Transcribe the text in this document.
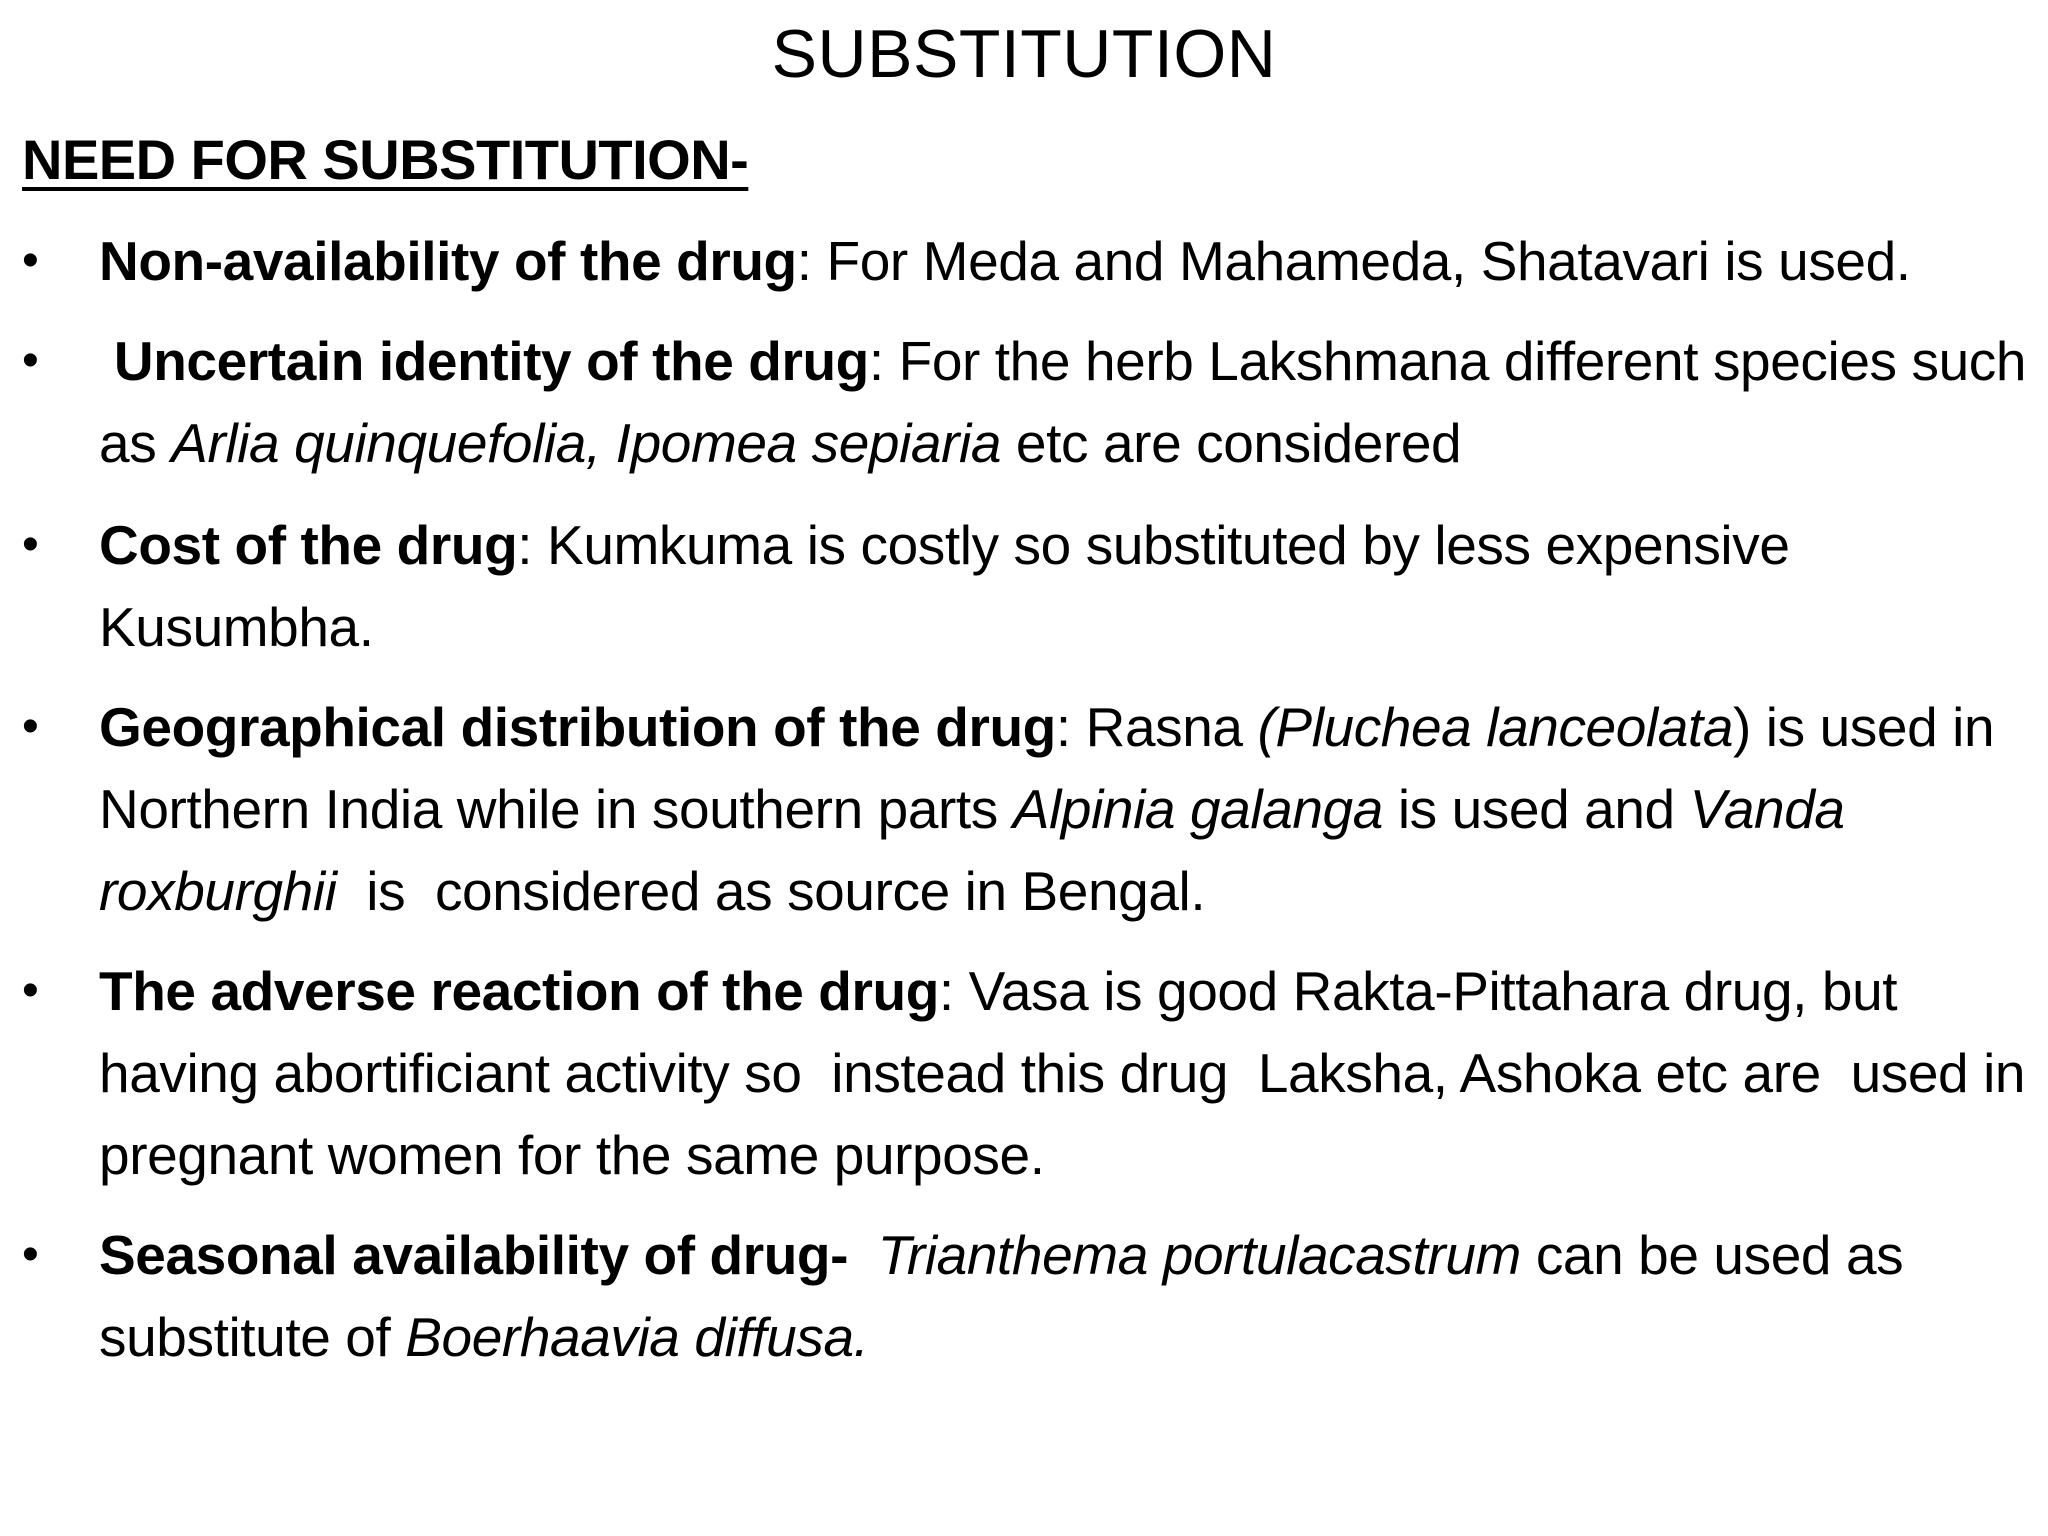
SUBSTITUTION
NEED FOR SUBSTITUTION-
• Non-availability of the drug: For Meda and Mahameda, Shatavari is used.
• Uncertain identity of the drug: For the herb Lakshmana different species such as Arlia quinquefolia, Ipomea sepiaria etc are considered
• Cost of the drug: Kumkuma is costly so substituted by less expensive Kusumbha.
• Geographical distribution of the drug: Rasna (Pluchea lanceolata) is used in Northern India while in southern parts Alpinia galanga is used and Vanda roxburghii  is  considered as source in Bengal.
• The adverse reaction of the drug: Vasa is good Rakta-Pittahara drug, but having abortificiant activity so  instead this drug  Laksha, Ashoka etc are  used in pregnant women for the same purpose.
• Seasonal availability of drug- Trianthema portulacastrum can be used as substitute of Boerhaavia diffusa.
